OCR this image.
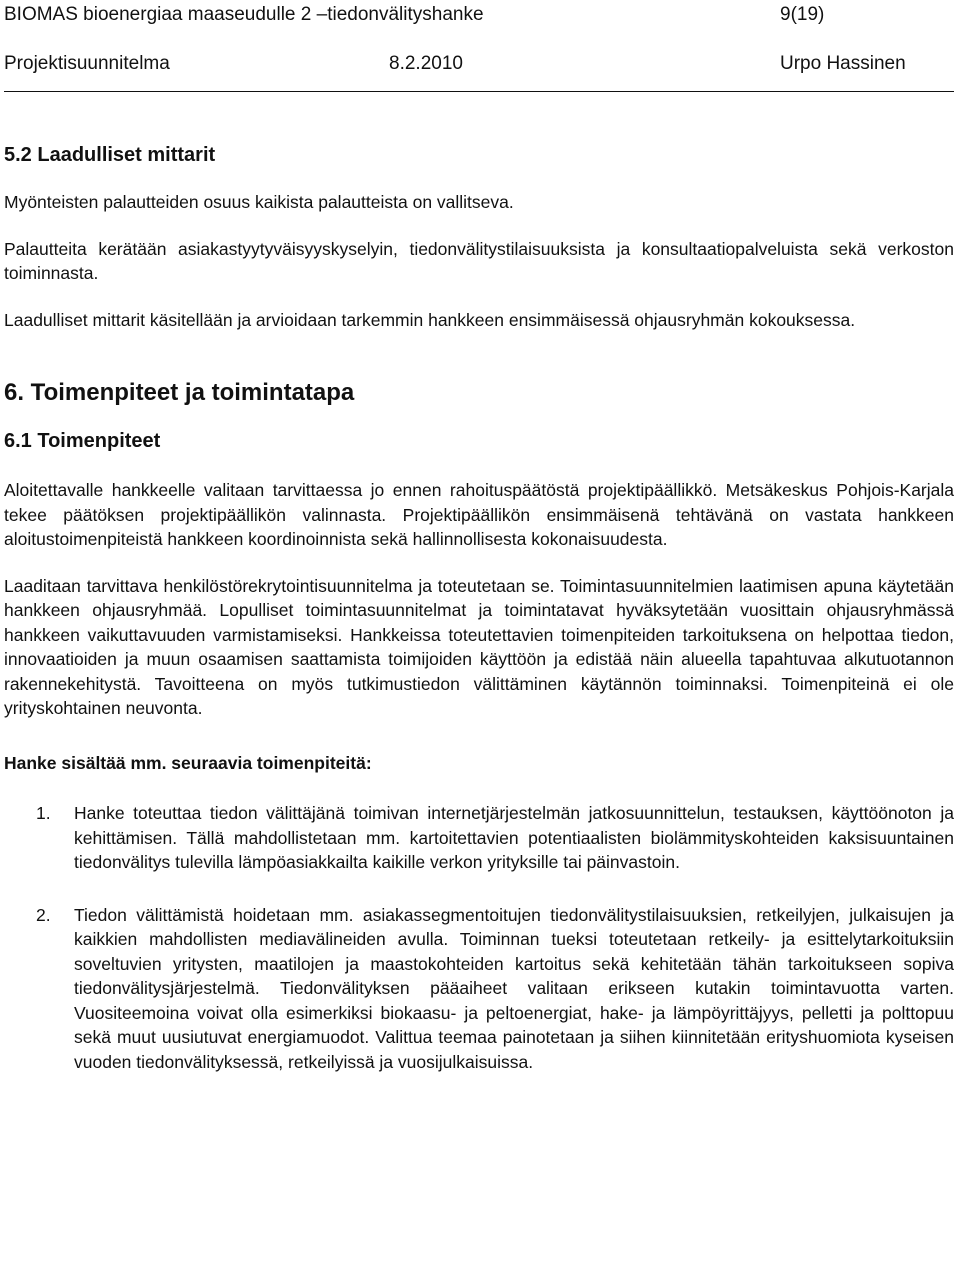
BIOMAS bioenergiaa maaseudulle 2 –tiedonvälityshanke	9(19)
Projektisuunnitelma	8.2.2010	Urpo Hassinen
5.2 Laadulliset mittarit

Myönteisten palautteiden osuus kaikista palautteista on vallitseva.

Palautteita kerätään asiakastyytyväisyyskyselyin, tiedonvälitystilaisuuksista ja konsultaatiopalveluista sekä verkoston toiminnasta.

Laadulliset mittarit käsitellään ja arvioidaan tarkemmin hankkeen ensimmäisessä ohjausryhmän kokouksessa.

6. Toimenpiteet ja toimintatapa
6.1 Toimenpiteet

Aloitettavalle hankkeelle valitaan tarvittaessa jo ennen rahoituspäätöstä projektipäällikkö. Metsäkeskus Pohjois-Karjala tekee päätöksen projektipäällikön valinnasta. Projektipäällikön ensimmäisenä tehtävänä on vastata hankkeen aloitustoimenpiteistä hankkeen koordinoinnista sekä hallinnollisesta kokonaisuudesta.

Laaditaan tarvittava henkilöstörekrytointisuunnitelma ja toteutetaan se. Toimintasuunnitelmien laatimisen apuna käytetään hankkeen ohjausryhmää. Lopulliset toimintasuunnitelmat ja toimintatavat hyväksytetään vuosittain ohjausryhmässä hankkeen vaikuttavuuden varmistamiseksi. Hankkeissa toteutettavien toimenpiteiden tarkoituksena on helpottaa tiedon, innovaatioiden ja muun osaamisen saattamista toimijoiden käyttöön ja edistää näin alueella tapahtuvaa alkutuotannon rakennekehitystä. Tavoitteena on myös tutkimustiedon välittäminen käytännön toiminnaksi. Toimenpiteinä ei ole yrityskohtainen neuvonta.

Hanke sisältää mm. seuraavia toimenpiteitä:
1. Hanke toteuttaa tiedon välittäjänä toimivan internetjärjestelmän jatkosuunnittelun, testauksen, käyttöönoton ja kehittämisen. Tällä mahdollistetaan mm. kartoitettavien potentiaalisten biolämmityskohteiden kaksisuuntainen tiedonvälitys tulevilla lämpöasiakkailta kaikille verkon yrityksille tai päinvastoin.
2. Tiedon välittämistä hoidetaan mm. asiakassegmentoitujen tiedonvälitystilaisuuksien, retkeilyjen, julkaisujen ja kaikkien mahdollisten mediavälineiden avulla. Toiminnan tueksi toteutetaan retkeily- ja esittelytarkoituksiin soveltuvien yritysten, maatilojen ja maastokohteiden kartoitus sekä kehitetään tähän tarkoitukseen sopiva tiedonvälitysjärjestelmä. Tiedonvälityksen pääaiheet valitaan erikseen kutakin toimintavuotta varten. Vuositeemoina voivat olla esimerkiksi biokaasu- ja peltoenergiat, hake- ja lämpöyrittäjyys, pelletti ja polttopuu sekä muut uusiutuvat energiamuodot. Valittua teemaa painotetaan ja siihen kiinnitetään erityshuomiota kyseisen vuoden tiedonvälityksessä, retkeilyissä ja vuosijulkaisuissa.
